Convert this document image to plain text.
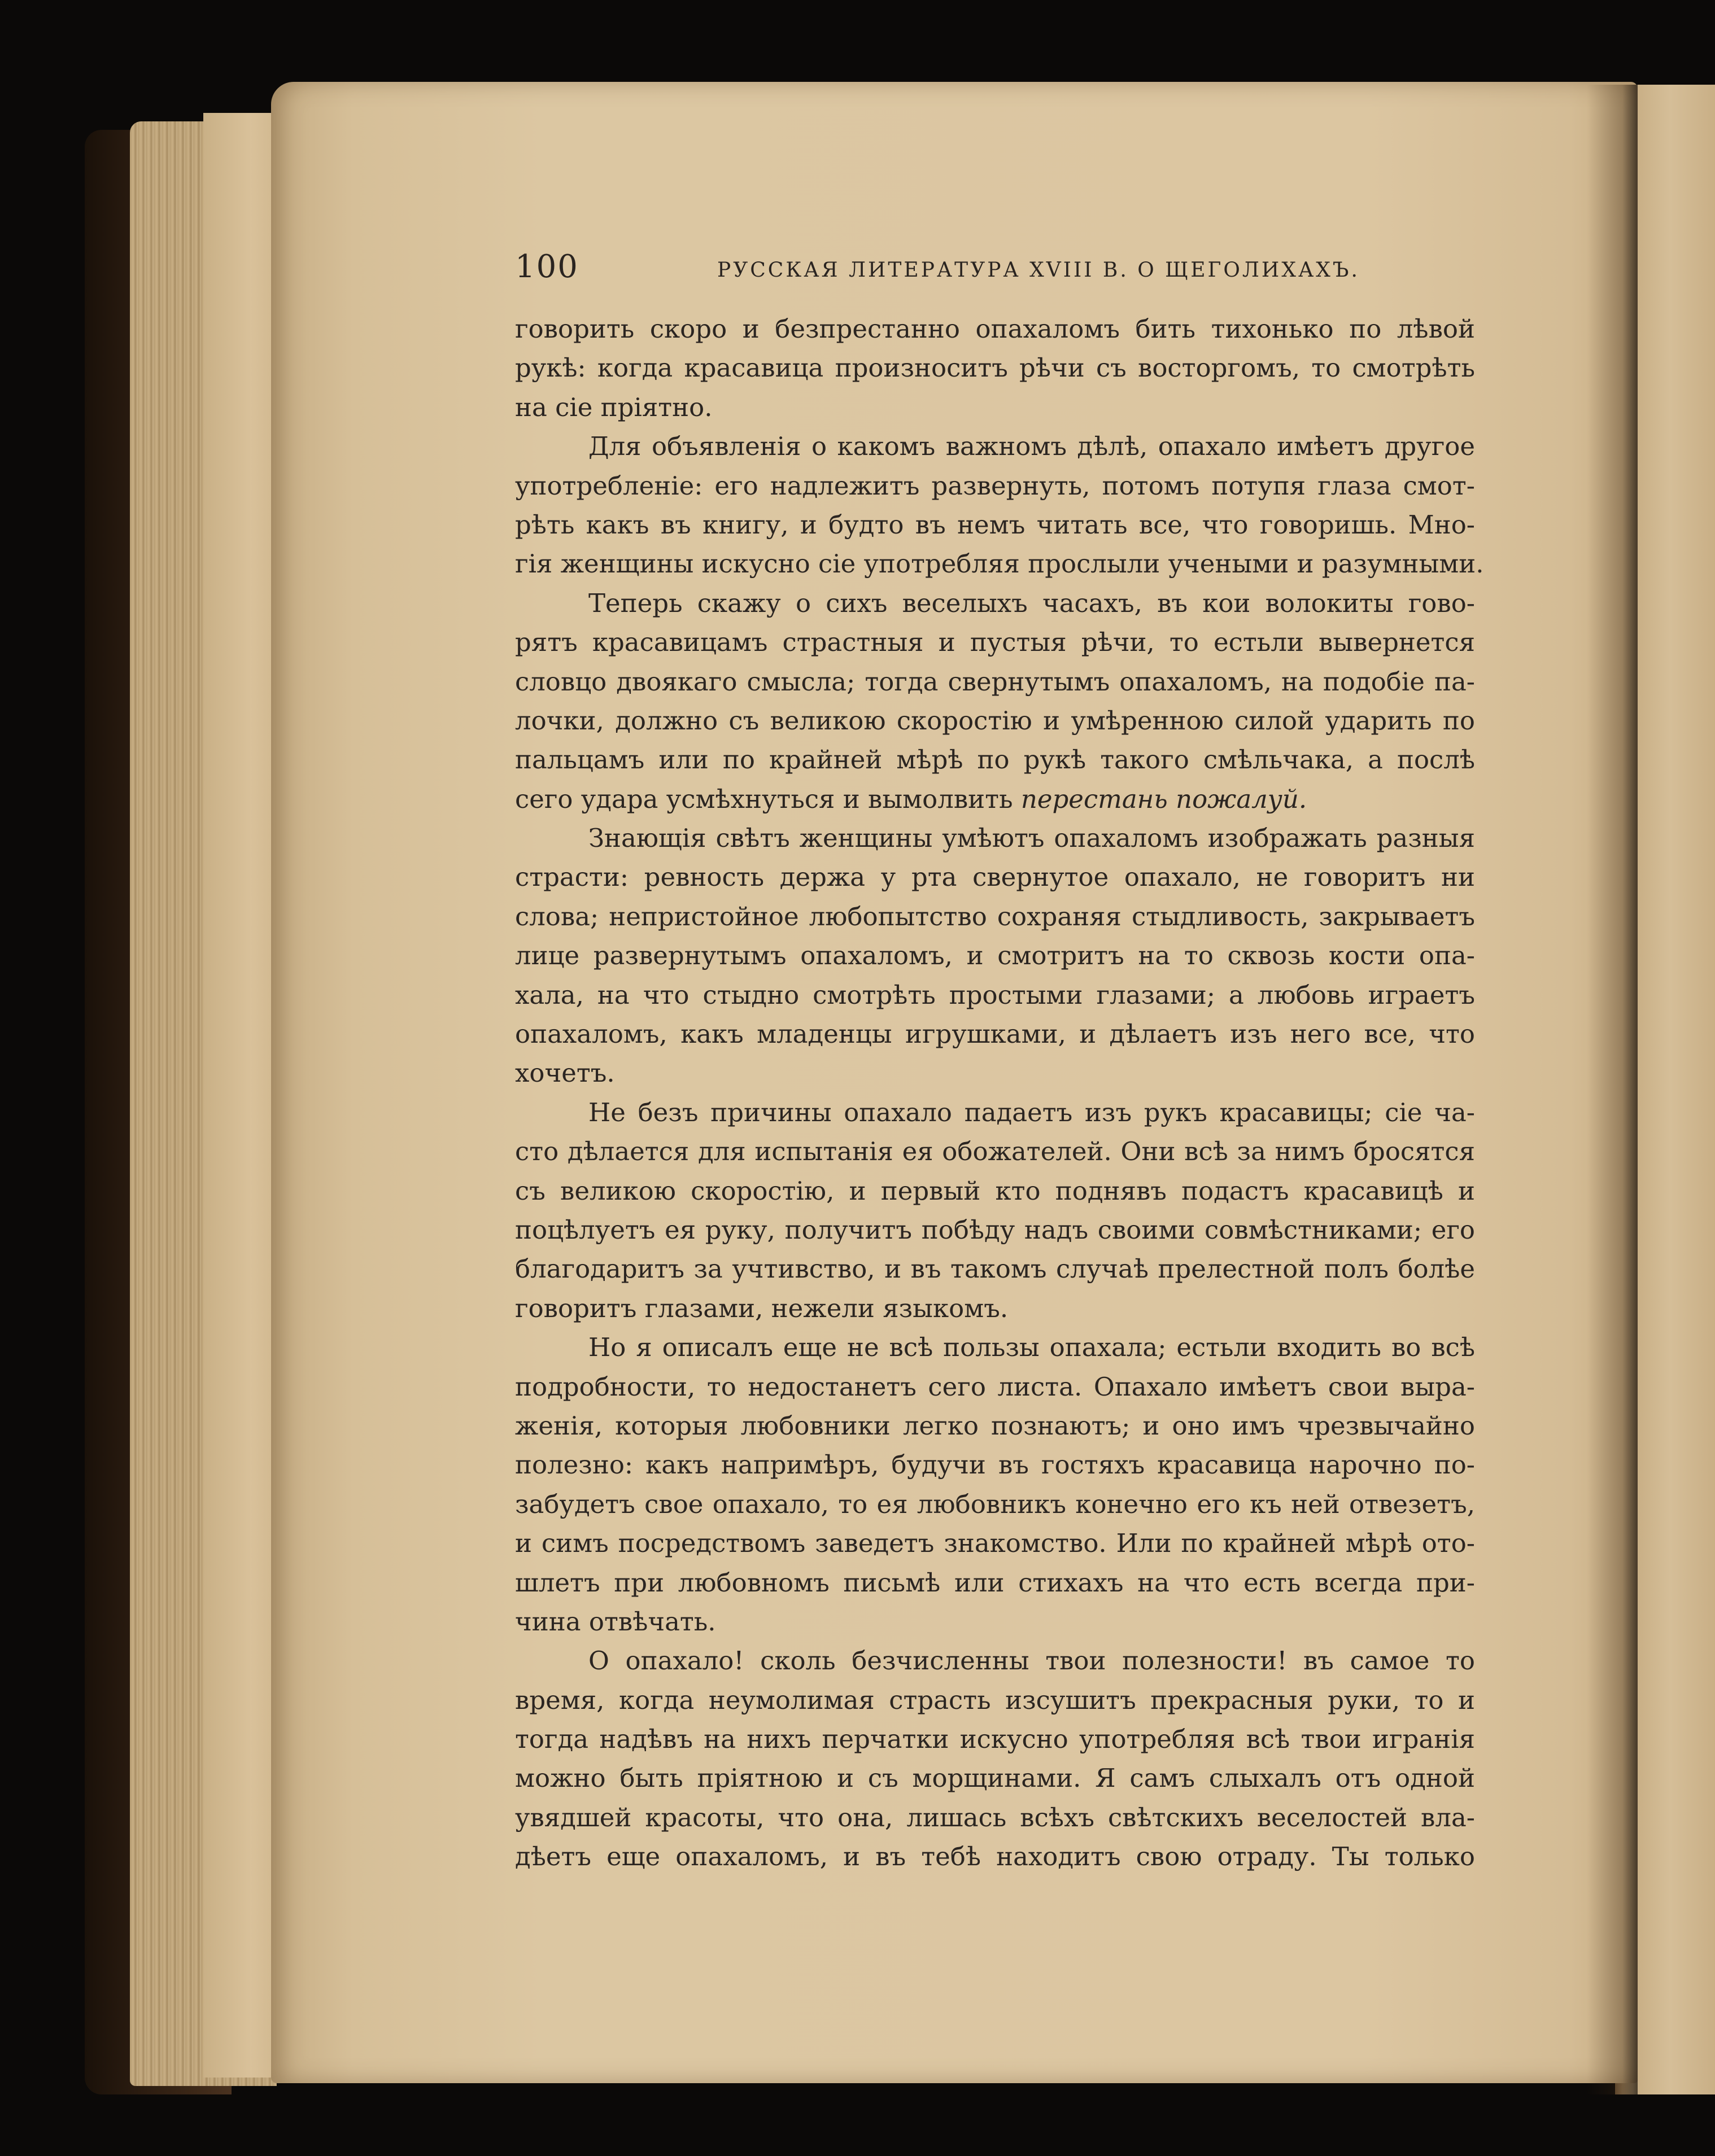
100	РУССКАЯ ЛИТЕРАТУРА XVIII В. О ЩЕГОЛИХАХЪ.
говорить скоро и безпрестанно опахаломъ бить тихонько по лѣвой
рукѣ: когда красавица произноситъ рѣчи съ восторгомъ, то смотрѣть
на сіе пріятно.
Для объявленія о какомъ важномъ дѣлѣ, опахало имѣетъ другое
употребленіе: его надлежитъ развернуть, потомъ потупя глаза смот-
рѣть какъ въ книгу, и будто въ немъ читать все, что говоришь. Мно-
гія женщины искусно сіе употребляя прослыли учеными и разумными.
Теперь скажу о сихъ веселыхъ часахъ, въ кои волокиты гово-
рятъ красавицамъ страстныя и пустыя рѣчи, то естьли вывернется
словцо двоякаго смысла; тогда свернутымъ опахаломъ, на подобіе па-
лочки, должно съ великою скоростію и умѣренною силой ударить по
пальцамъ или по крайней мѣрѣ по рукѣ такого смѣльчака, а послѣ
сего удара усмѣхнуться и вымолвить перестань пожалуй.
Знающія свѣтъ женщины умѣютъ опахаломъ изображать разныя
страсти: ревность держа у рта свернутое опахало, не говоритъ ни
слова; непристойное любопытство сохраняя стыдливость, закрываетъ
лице развернутымъ опахаломъ, и смотритъ на то сквозь кости опа-
хала, на что стыдно смотрѣть простыми глазами; а любовь играетъ
опахаломъ, какъ младенцы игрушками, и дѣлаетъ изъ него все, что
хочетъ.
Не безъ причины опахало падаетъ изъ рукъ красавицы; сіе ча-
сто дѣлается для испытанія ея обожателей. Они всѣ за нимъ бросятся
съ великою скоростію, и первый кто поднявъ подастъ красавицѣ и
поцѣлуетъ ея руку, получитъ побѣду надъ своими совмѣстниками; его
благодаритъ за учтивство, и въ такомъ случаѣ прелестной полъ болѣе
говоритъ глазами, нежели языкомъ.
Но я описалъ еще не всѣ пользы опахала; естьли входить во всѣ
подробности, то недостанетъ сего листа. Опахало имѣетъ свои выра-
женія, которыя любовники легко познаютъ; и оно имъ чрезвычайно
полезно: какъ напримѣръ, будучи въ гостяхъ красавица нарочно по-
забудетъ свое опахало, то ея любовникъ конечно его къ ней отвезетъ,
и симъ посредствомъ заведетъ знакомство. Или по крайней мѣрѣ ото-
шлетъ при любовномъ письмѣ или стихахъ на что есть всегда при-
чина отвѣчать.
О опахало! сколь безчисленны твои полезности! въ самое то
время, когда неумолимая страсть изсушитъ прекрасныя руки, то и
тогда надѣвъ на нихъ перчатки искусно употребляя всѣ твои игранія
можно быть пріятною и съ морщинами. Я самъ слыхалъ отъ одной
увядшей красоты, что она, лишась всѣхъ свѣтскихъ веселостей вла-
дѣетъ еще опахаломъ, и въ тебѣ находитъ свою отраду. Ты только
